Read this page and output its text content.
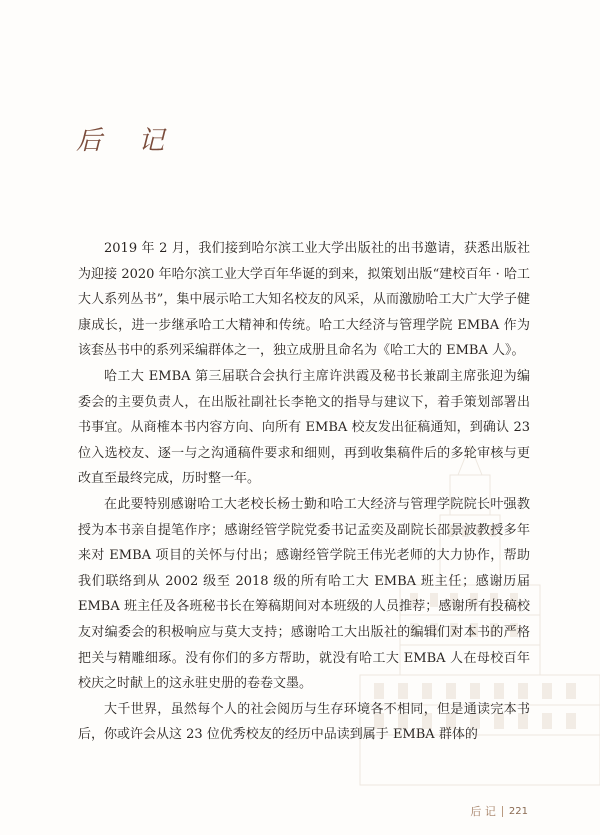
后 记

2019 年 2 月，我们接到哈尔滨工业大学出版社的出书邀请，获悉出版社为迎接 2020 年哈尔滨工业大学百年华诞的到来，拟策划出版“建校百年 · 哈工大人系列丛书”，集中展示哈工大知名校友的风采，从而激励哈工大广大学子健康成长，进一步继承哈工大精神和传统。哈工大经济与管理学院 EMBA 作为该套丛书中的系列采编群体之一，独立成册且命名为《哈工大的 EMBA 人》。

哈工大 EMBA 第三届联合会执行主席许洪霞及秘书长兼副主席张迎为编委会的主要负责人，在出版社副社长李艳文的指导与建议下，着手策划部署出书事宜。从商榷本书内容方向、向所有 EMBA 校友发出征稿通知，到确认 23 位入选校友、逐一与之沟通稿件要求和细则，再到收集稿件后的多轮审核与更改直至最终完成，历时整一年。

在此要特别感谢哈工大老校长杨士勤和哈工大经济与管理学院院长叶强教授为本书亲自提笔作序；感谢经管学院党委书记孟奕及副院长邵景波教授多年来对 EMBA 项目的关怀与付出；感谢经管学院王伟光老师的大力协作，帮助我们联络到从 2002 级至 2018 级的所有哈工大 EMBA 班主任；感谢历届 EMBA 班主任及各班秘书长在筹稿期间对本班级的人员推荐；感谢所有投稿校友对编委会的积极响应与莫大支持；感谢哈工大出版社的编辑们对本书的严格把关与精雕细琢。没有你们的多方帮助，就没有哈工大 EMBA 人在母校百年校庆之时献上的这永驻史册的卷卷文墨。

大千世界，虽然每个人的社会阅历与生存环境各不相同，但是通读完本书后，你或许会从这 23 位优秀校友的经历中品读到属于 EMBA 群体的

后 记 221
